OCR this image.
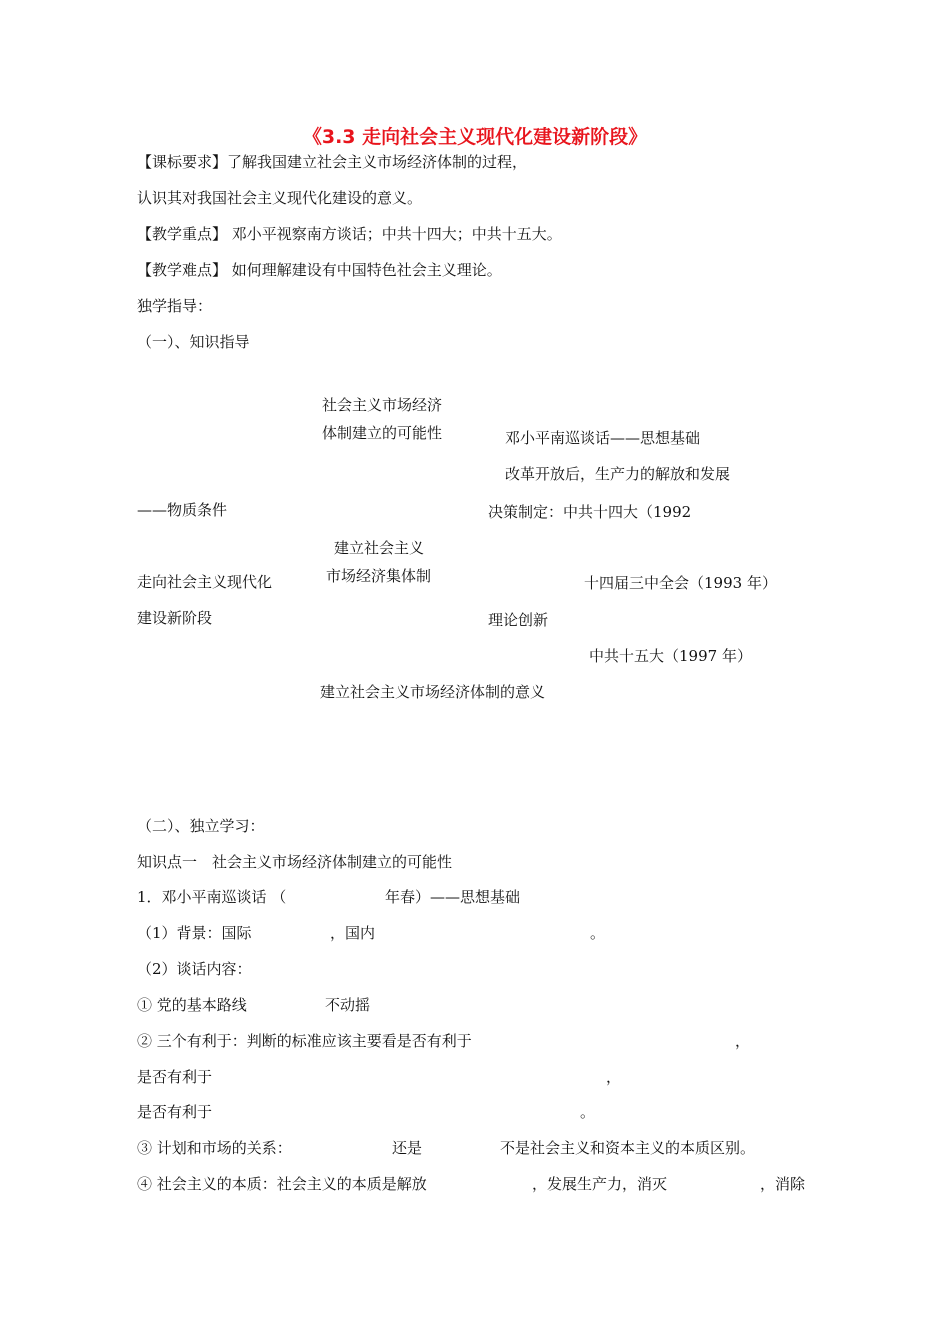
《3.3 走向社会主义现代化建设新阶段》
【课标要求】了解我国建立社会主义市场经济体制的过程，
认识其对我国社会主义现代化建设的意义。
【教学重点】 邓小平视察南方谈话；中共十四大；中共十五大。
【教学难点】 如何理解建设有中国特色社会主义理论。
独学指导：
（一）、知识指导
社会主义市场经济
体制建立的可能性	邓小平南巡谈话——思想基础
改革开放后，生产力的解放和发展
——物质条件	决策制定：中共十四大（1992
建立社会主义
市场经济集体制
走向社会主义现代化	十四届三中全会（1993 年）
建设新阶段	理论创新
中共十五大（1997 年）
建立社会主义市场经济体制的意义
（二）、独立学习：
知识点一　社会主义市场经济体制建立的可能性
1．邓小平南巡谈话 （	年春）——思想基础
（1）背景：国际	，国内	。
（2）谈话内容：
① 党的基本路线	不动摇
② 三个有利于：判断的标准应该主要看是否有利于	，
是否有利于	，
是否有利于	。
③ 计划和市场的关系：	还是	不是社会主义和资本主义的本质区别。
④ 社会主义的本质：社会主义的本质是解放	，发展生产力，消灭	，消除
